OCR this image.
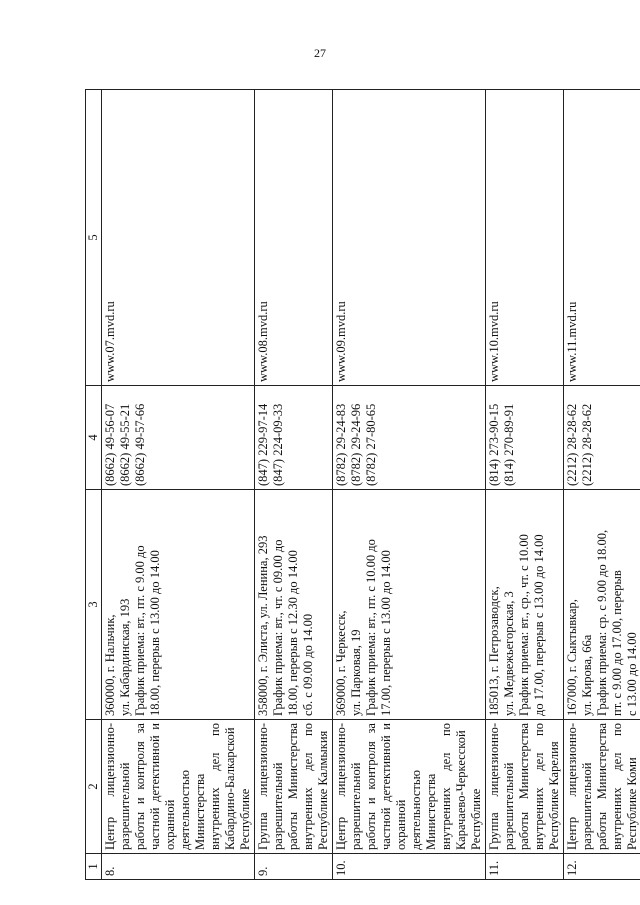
27
1	2	3	4	5
8.	Центр лицензионно-разрешительной работы и контроля за частной детективной и охранной деятельностью Министерства внутренних дел по Кабардино-Балкарской Республике	360000, г. Нальчик, ул. Кабардинская, 193 График приема: вт., пт. с 9.00 до 18.00, перерыв с 13.00 до 14.00	(8662) 49-56-07 (8662) 49-55-21 (8662) 49-57-66	www.07.mvd.ru
9.	Группа лицензионно-разрешительной работы Министерства внутренних дел по Республике Калмыкия	358000, г. Элиста, ул. Ленина, 293 График приема: вт., чт. с 09.00 до 18.00, перерыв с 12.30 до 14.00 сб. с 09.00 до 14.00	(847) 229-97-14 (847) 224-09-33	www.08.mvd.ru
10.	Центр лицензионно-разрешительной работы и контроля за частной детективной и охранной деятельностью Министерства внутренних дел по Карачаево-Черкесской Республике	369000, г. Черкесск, ул. Парковая, 19 График приема: вт., пт. с 10.00 до 17.00, перерыв с 13.00 до 14.00	(8782) 29-24-83 (8782) 29-24-96 (8782) 27-80-65	www.09.mvd.ru
11.	Группа лицензионно-разрешительной работы Министерства внутренних дел по Республике Карелия	185013, г. Петрозаводск, ул. Медвежьегорская, 3 График приема: вт., ср., чт. с 10.00 до 17.00, перерыв с 13.00 до 14.00	(814) 273-90-15 (814) 270-89-91	www.10.mvd.ru
12.	Центр лицензионно-разрешительной работы Министерства внутренних дел по Республике Коми	167000, г. Сыктывкар, ул. Кирова, 66а График приема: ср. с 9.00 до 18.00, пт. с 9.00 до 17.00, перерыв с 13.00 до 14.00	(2212) 28-28-62 (2212) 28-28-62	www.11.mvd.ru
